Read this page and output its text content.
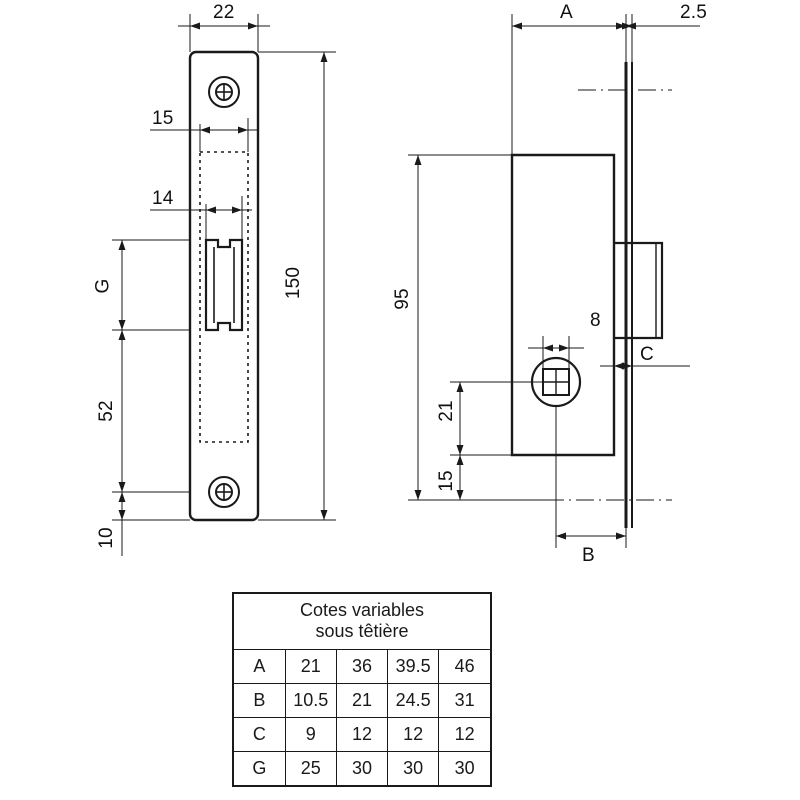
22
15
14
150
G
52
10
A	2.5
95
8
C
21
15
B
Cotes variables
sous têtière				

A	21	36	39.5	46
B	10.5	21	24.5	31
C	9	12	12	12
G	25	30	30	30
